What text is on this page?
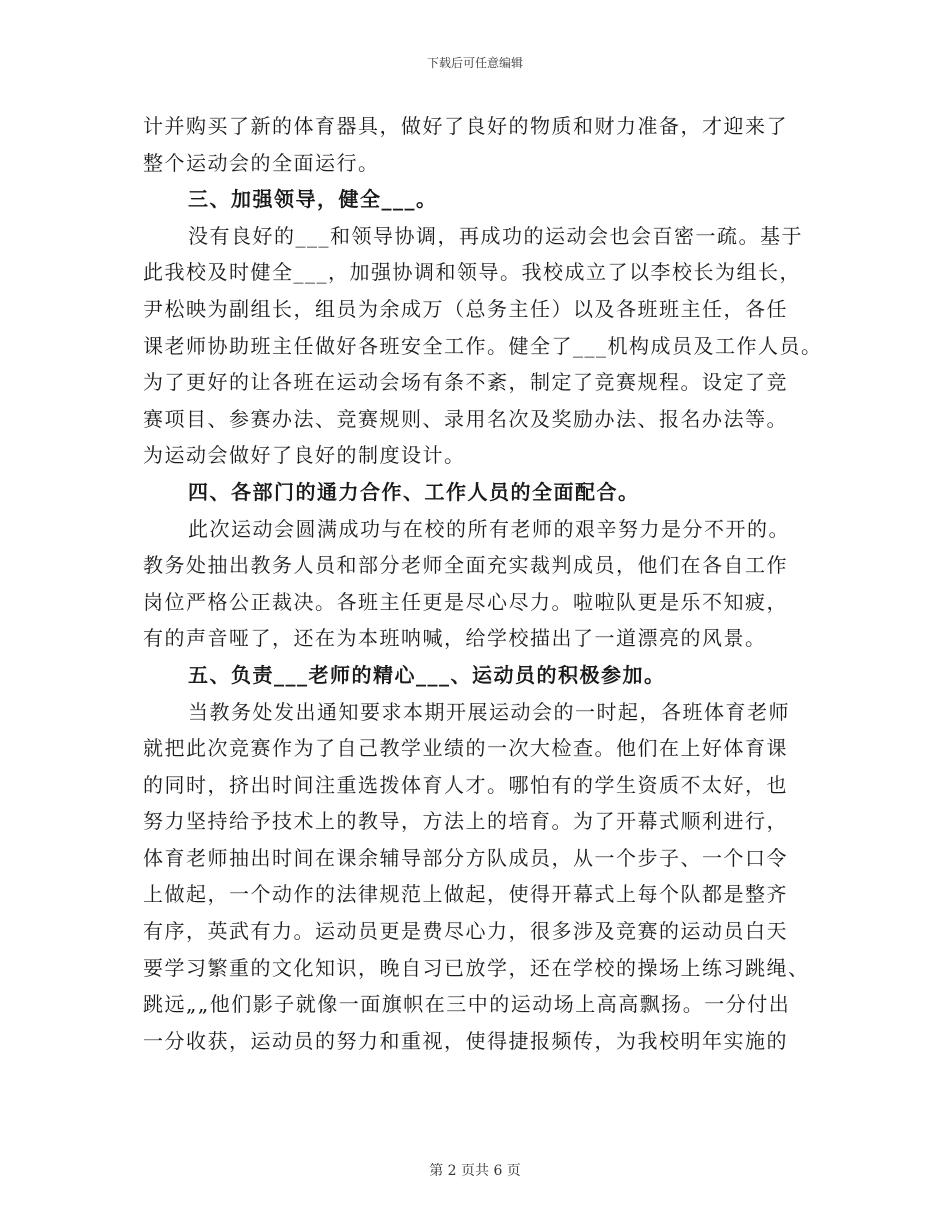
下载后可任意编辑
计并购买了新的体育器具，做好了良好的物质和财力准备，才迎来了
整个运动会的全面运行。
三、加强领导，健全___。
没有良好的___和领导协调，再成功的运动会也会百密一疏。基于
此我校及时健全___，加强协调和领导。我校成立了以李校长为组长，
尹松映为副组长，组员为余成万（总务主任）以及各班班主任，各任
课老师协助班主任做好各班安全工作。健全了___机构成员及工作人员。
为了更好的让各班在运动会场有条不紊，制定了竞赛规程。设定了竞
赛项目、参赛办法、竞赛规则、录用名次及奖励办法、报名办法等。
为运动会做好了良好的制度设计。
四、各部门的通力合作、工作人员的全面配合。
此次运动会圆满成功与在校的所有老师的艰辛努力是分不开的。
教务处抽出教务人员和部分老师全面充实裁判成员，他们在各自工作
岗位严格公正裁决。各班主任更是尽心尽力。啦啦队更是乐不知疲，
有的声音哑了，还在为本班呐喊，给学校描出了一道漂亮的风景。
五、负责___老师的精心___、运动员的积极参加。
当教务处发出通知要求本期开展运动会的一时起，各班体育老师
就把此次竞赛作为了自己教学业绩的一次大检查。他们在上好体育课
的同时，挤出时间注重选拨体育人才。哪怕有的学生资质不太好，也
努力坚持给予技术上的教导，方法上的培育。为了开幕式顺利进行，
体育老师抽出时间在课余辅导部分方队成员，从一个步子、一个口令
上做起，一个动作的法律规范上做起，使得开幕式上每个队都是整齐
有序，英武有力。运动员更是费尽心力，很多涉及竞赛的运动员白天
要学习繁重的文化知识，晚自习已放学，还在学校的操场上练习跳绳、
跳远„„他们影子就像一面旗帜在三中的运动场上高高飘扬。一分付出
一分收获，运动员的努力和重视，使得捷报频传，为我校明年实施的
第 2 页共 6 页
